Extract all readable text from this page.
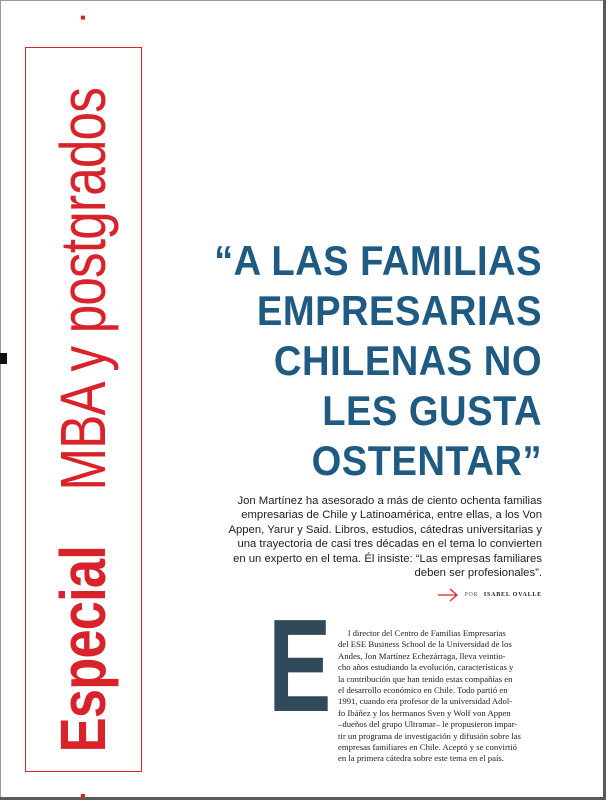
·
Especial
MBA y postgrados
·
“A LAS FAMILIAS
EMPRESARIAS
CHILENAS NO
LES GUSTA
OSTENTAR”

Jon Martínez ha asesorado a más de ciento ochenta familias
empresarias de Chile y Latinoamérica, entre ellas, a los Von
Appen, Yarur y Said. Libros, estudios, cátedras universitarias y
una trayectoria de casi tres décadas en el tema lo convierten
en un experto en el tema. Él insiste: “Las empresas familiares
deben ser profesionales”.

POR ISABEL OVALLE
E	l director del Centro de Familias Empresarias
del ESE Business School de la Universidad de los
Andes, Jon Martínez Echezárraga, lleva veintio-
cho años estudiando la evolución, características y
la contribución que han tenido estas compañías en
el desarrollo económico en Chile. Todo partió en
1991, cuando era profesor de la universidad Adol-
fo Ibáñez y los hermanos Sven y Wolf von Appen
–dueños del grupo Ultramar– le propusieron impar-
tir un programa de investigación y difusión sobre las
empresas familiares en Chile. Aceptó y se convirtió
en la primera cátedra sobre este tema en el país.
